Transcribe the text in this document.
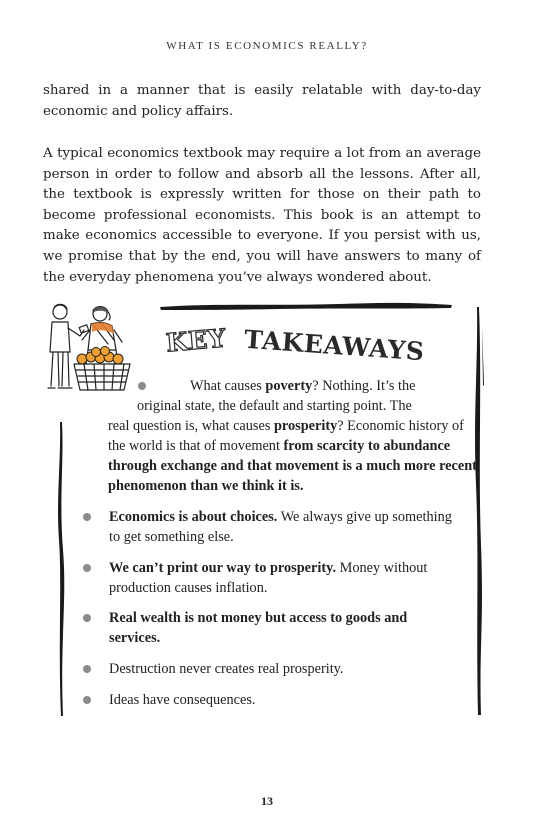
WHAT IS ECONOMICS REALLY?

shared in a manner that is easily relatable with day-to-day economic and policy affairs.

A typical economics textbook may require a lot from an average person in order to follow and absorb all the lessons. After all, the textbook is expressly written for those on their path to become professional economists. This book is an attempt to make economics accessible to everyone. If you persist with us, we promise that by the end, you will have answers to many of the everyday phenomena you’ve always wondered about.

KEY TAKEAWAYS
What causes poverty? Nothing. It’s the
original state, the default and starting point. The
real question is, what causes prosperity? Economic history of the world is that of movement from scarcity to abundance through exchange and that movement is a much more recent phenomenon than we think it is.
Economics is about choices. We always give up something to get something else.
We can’t print our way to prosperity. Money without production causes inflation.
Real wealth is not money but access to goods and services.
Destruction never creates real prosperity.
Ideas have consequences.
13
